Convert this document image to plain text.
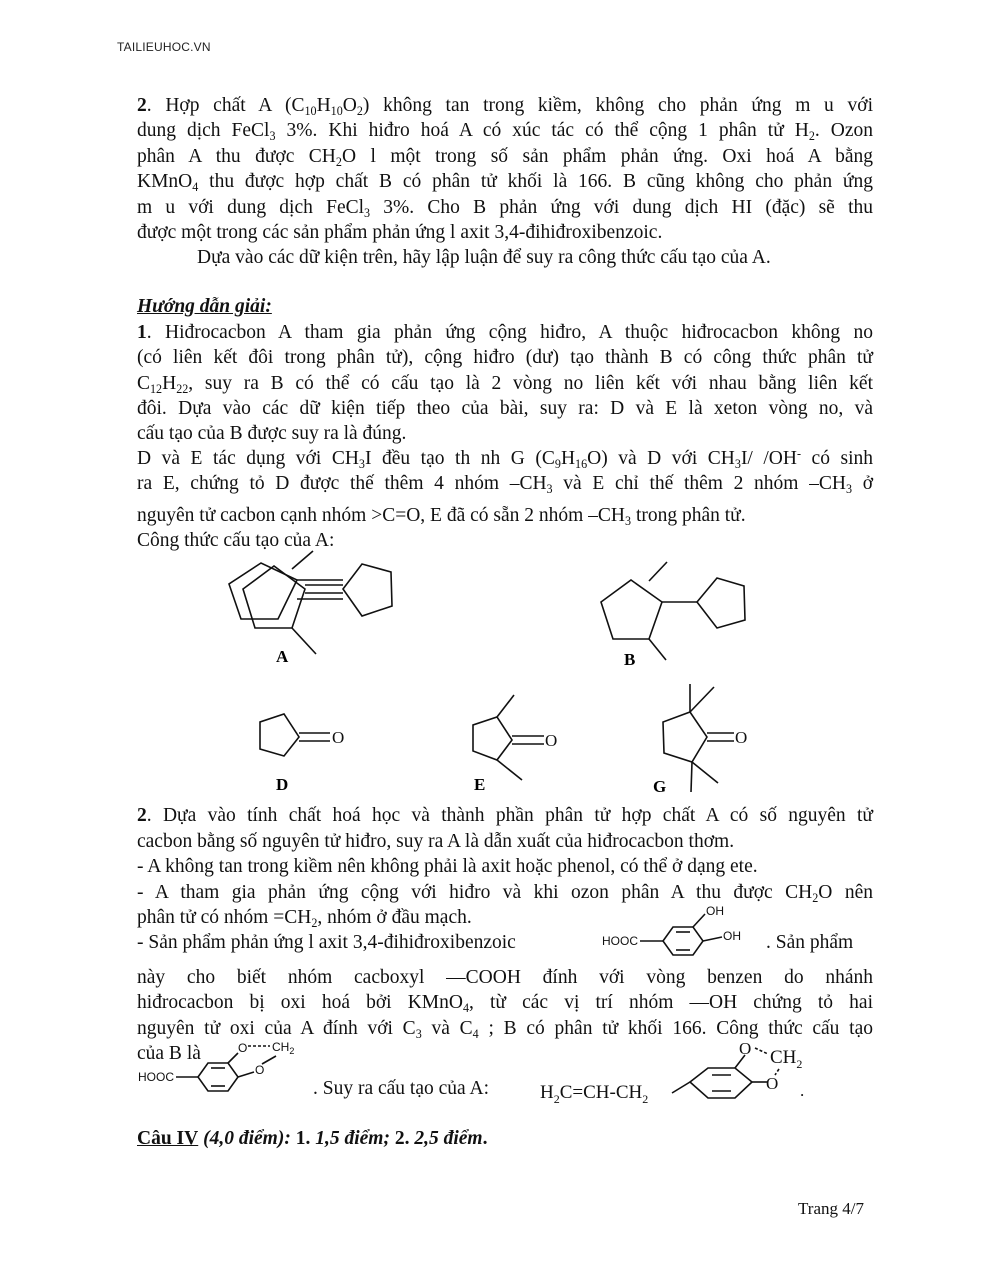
TAILIEUHOC.VN
2. Hợp chất A $(C_{10}H_{10}O_2)$ không tan trong kiềm, không cho phản ứng m u với
dung dịch FeCl$_3$ 3%. Khi hiđro hoá A có xúc tác có thể cộng 1 phân tử $H_2$. Ozon
phân A thu được $CH_2O$ l một trong số sản phẩm phản ứng. Oxi hoá A bằng
KMnO$_4$ thu được hợp chất B có phân tử khối là 166. B cũng không cho phản ứng
m u với dung dịch FeCl$_3$ 3%. Cho B phản ứng với dung dịch HI (đặc) sẽ thu
được một trong các sản phẩm phản ứng l axit 3,4-đihiđroxibenzoic.
Dựa vào các dữ kiện trên, hãy lập luận để suy ra công thức cấu tạo của A.
Hướng dẫn giải:
1. Hiđrocacbon A tham gia phản ứng cộng hiđro, A thuộc hiđrocacbon không no
(có liên kết đôi trong phân tử), cộng hiđro (dư) tạo thành B có công thức phân tử
$C_{12}H_{22}$, suy ra B có thể có cấu tạo là 2 vòng no liên kết với nhau bằng liên kết
đôi. Dựa vào các dữ kiện tiếp theo của bài, suy ra: D và E là xeton vòng no, và
cấu tạo của B được suy ra là đúng.
D và E tác dụng với $CH_3I$ đều tạo th nh G $(C_9H_{16}O)$ và D với $CH_3I/$ /OH- có sinh
ra E, chứng tỏ D được thế thêm 4 nhóm $-CH_3$ và E chỉ thế thêm 2 nhóm $-CH_3$ ở
nguyên tử cacbon cạnh nhóm >C=O, E đã có sẵn 2 nhóm $-CH_3$ trong phân tử.
Công thức cấu tạo của A:
A	B
O
D
O
E
O
G
2. Dựa vào tính chất hoá học và thành phần phân tử hợp chất A có số nguyên tử
cacbon bằng số nguyên tử hiđro, suy ra A là dẫn xuất của hiđrocacbon thơm.
- A không tan trong kiềm nên không phải là axit hoặc phenol, có thể ở dạng ete.
- A tham gia phản ứng cộng với hiđro và khi ozon phân A thu được $CH_2O$ nên
phân tử có nhóm $=CH_2$, nhóm ở đầu mạch.
- Sản phẩm phản ứng l axit 3,4-đihiđroxibenzoic	HOOC
OH
OH . Sản phẩm
này cho biết nhóm cacboxyl —COOH đính với vòng benzen do nhánh
hiđrocacbon bị oxi hoá bởi KMnO$_4$, từ các vị trí nhóm —OH chứng tỏ hai
nguyên tử oxi của A đính với $C_3$ và $C_4$ ; B có phân tử khối 166. Công thức cấu tạo
của B là	O $CH_2$
HOOC	O
. Suy ra cấu tạo của A:	$H_2C=CH-CH_2$
O
O
$CH_2$
.
Câu IV (4,0 điểm): 1. 1,5 điểm; 2. 2,5 điểm.
Trang 4/7
